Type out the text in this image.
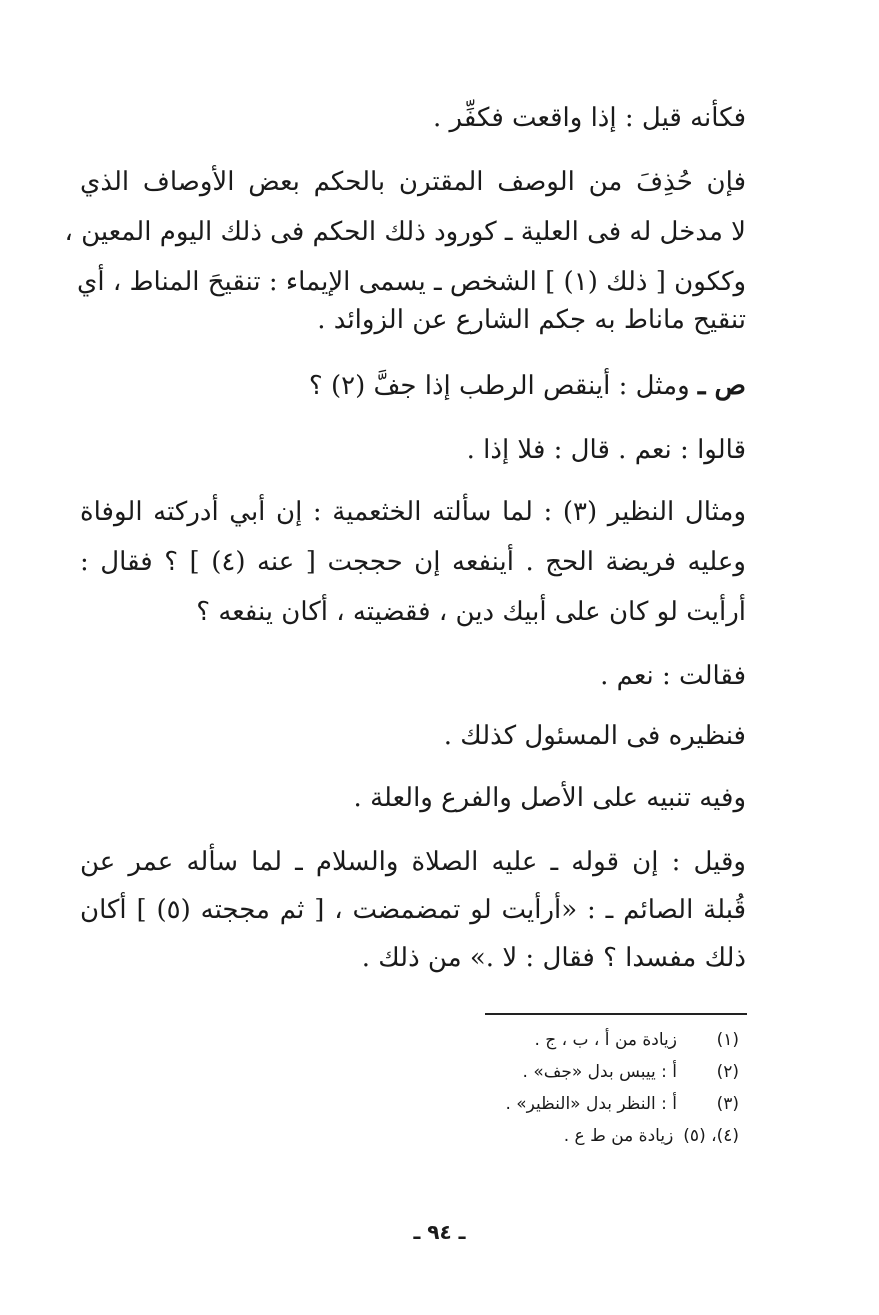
فكأنه قيل : إذا واقعت فكفِّر .
فإن حُذِفَ من الوصف المقترن بالحكم بعض الأوصاف الذي
لا مدخل له فى العلية ـ كورود ذلك الحكم فى ذلك اليوم المعين ،
وككون [ ذلك (١) ] الشخص ـ يسمى الإيماء : تنقيحَ المناط ، أي
تنقيح ماناط به جكم الشارع عن الزوائد .
ص ـ ومثل : أينقص الرطب إذا جفَّ (٢) ؟
قالوا : نعم . قال : فلا إذا .
ومثال النظير (٣) : لما سألته الخثعمية : إن أبي أدركته الوفاة
وعليه فريضة الحج . أينفعه إن حججت [ عنه (٤) ] ؟ فقال :
أرأيت لو كان على أبيك دين ، فقضيته ، أكان ينفعه ؟
فقالت : نعم .
فنظيره فى المسئول كذلك .
وفيه تنبيه على الأصل والفرع والعلة .
وقيل : إن قوله ـ عليه الصلاة والسلام ـ لما سأله عمر عن
قُبلة الصائم ـ : «أرأيت لو تمضمضت ، [ ثم مججته (٥) ] أكان
ذلك مفسدا ؟ فقال : لا .» من ذلك .
(١)زيادة من أ ، ب ، ج .
(٢)أ : ييبس بدل «جف» .
(٣)أ : النظر بدل «النظير» .
(٤)، (٥)زيادة من ط ع .
ـ ٩٤ ـ
